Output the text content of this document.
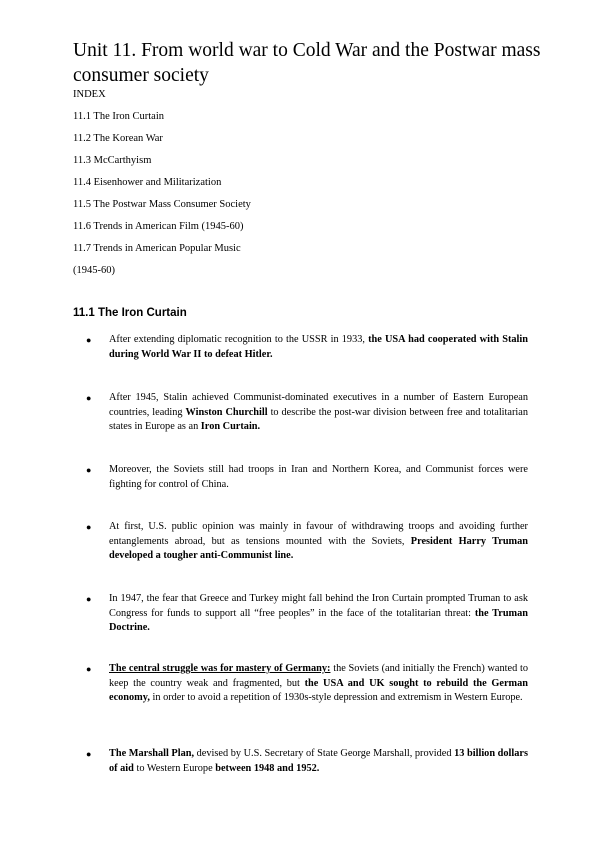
Unit 11. From world war to Cold War and the Postwar mass consumer society
INDEX
11.1 The Iron Curtain
11.2 The Korean War
11.3 McCarthyism
11.4 Eisenhower and Militarization
11.5 The Postwar Mass Consumer Society
11.6 Trends in American Film (1945-60)
11.7 Trends in American Popular Music
(1945-60)
11.1 The Iron Curtain
●	After extending diplomatic recognition to the USSR in 1933, the USA had cooperated with Stalin during World War II to defeat Hitler.
●	After 1945, Stalin achieved Communist-dominated executives in a number of Eastern European countries, leading Winston Churchill to describe the post-war division between free and totalitarian states in Europe as an Iron Curtain.
●	Moreover, the Soviets still had troops in Iran and Northern Korea, and Communist forces were fighting for control of China.
●	At first, U.S. public opinion was mainly in favour of withdrawing troops and avoiding further entanglements abroad, but as tensions mounted with the Soviets, President Harry Truman developed a tougher anti-Communist line.
●	In 1947, the fear that Greece and Turkey might fall behind the Iron Curtain prompted Truman to ask Congress for funds to support all “free peoples” in the face of the totalitarian threat: the Truman Doctrine.
●	The central struggle was for mastery of Germany: the Soviets (and initially the French) wanted to keep the country weak and fragmented, but the USA and UK sought to rebuild the German economy, in order to avoid a repetition of 1930s-style depression and extremism in Western Europe.
●	The Marshall Plan, devised by U.S. Secretary of State George Marshall, provided 13 billion dollars of aid to Western Europe between 1948 and 1952.
